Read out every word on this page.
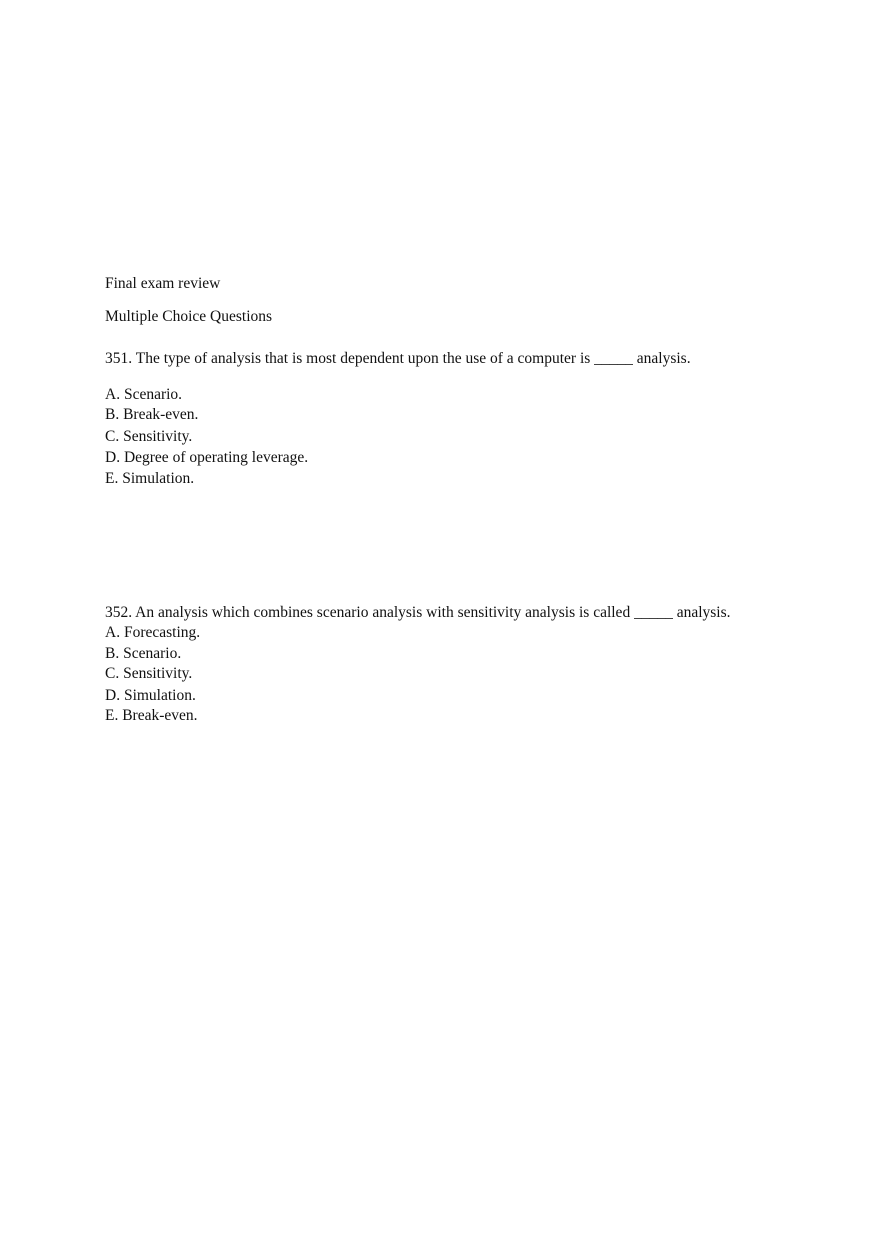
Final exam review
Multiple Choice Questions
351. The type of analysis that is most dependent upon the use of a computer is _____ analysis.
A. Scenario.
B. Break-even.
C. Sensitivity.
D. Degree of operating leverage.
E. Simulation.
352. An analysis which combines scenario analysis with sensitivity analysis is called _____ analysis.
A. Forecasting.
B. Scenario.
C. Sensitivity.
D. Simulation.
E. Break-even.
